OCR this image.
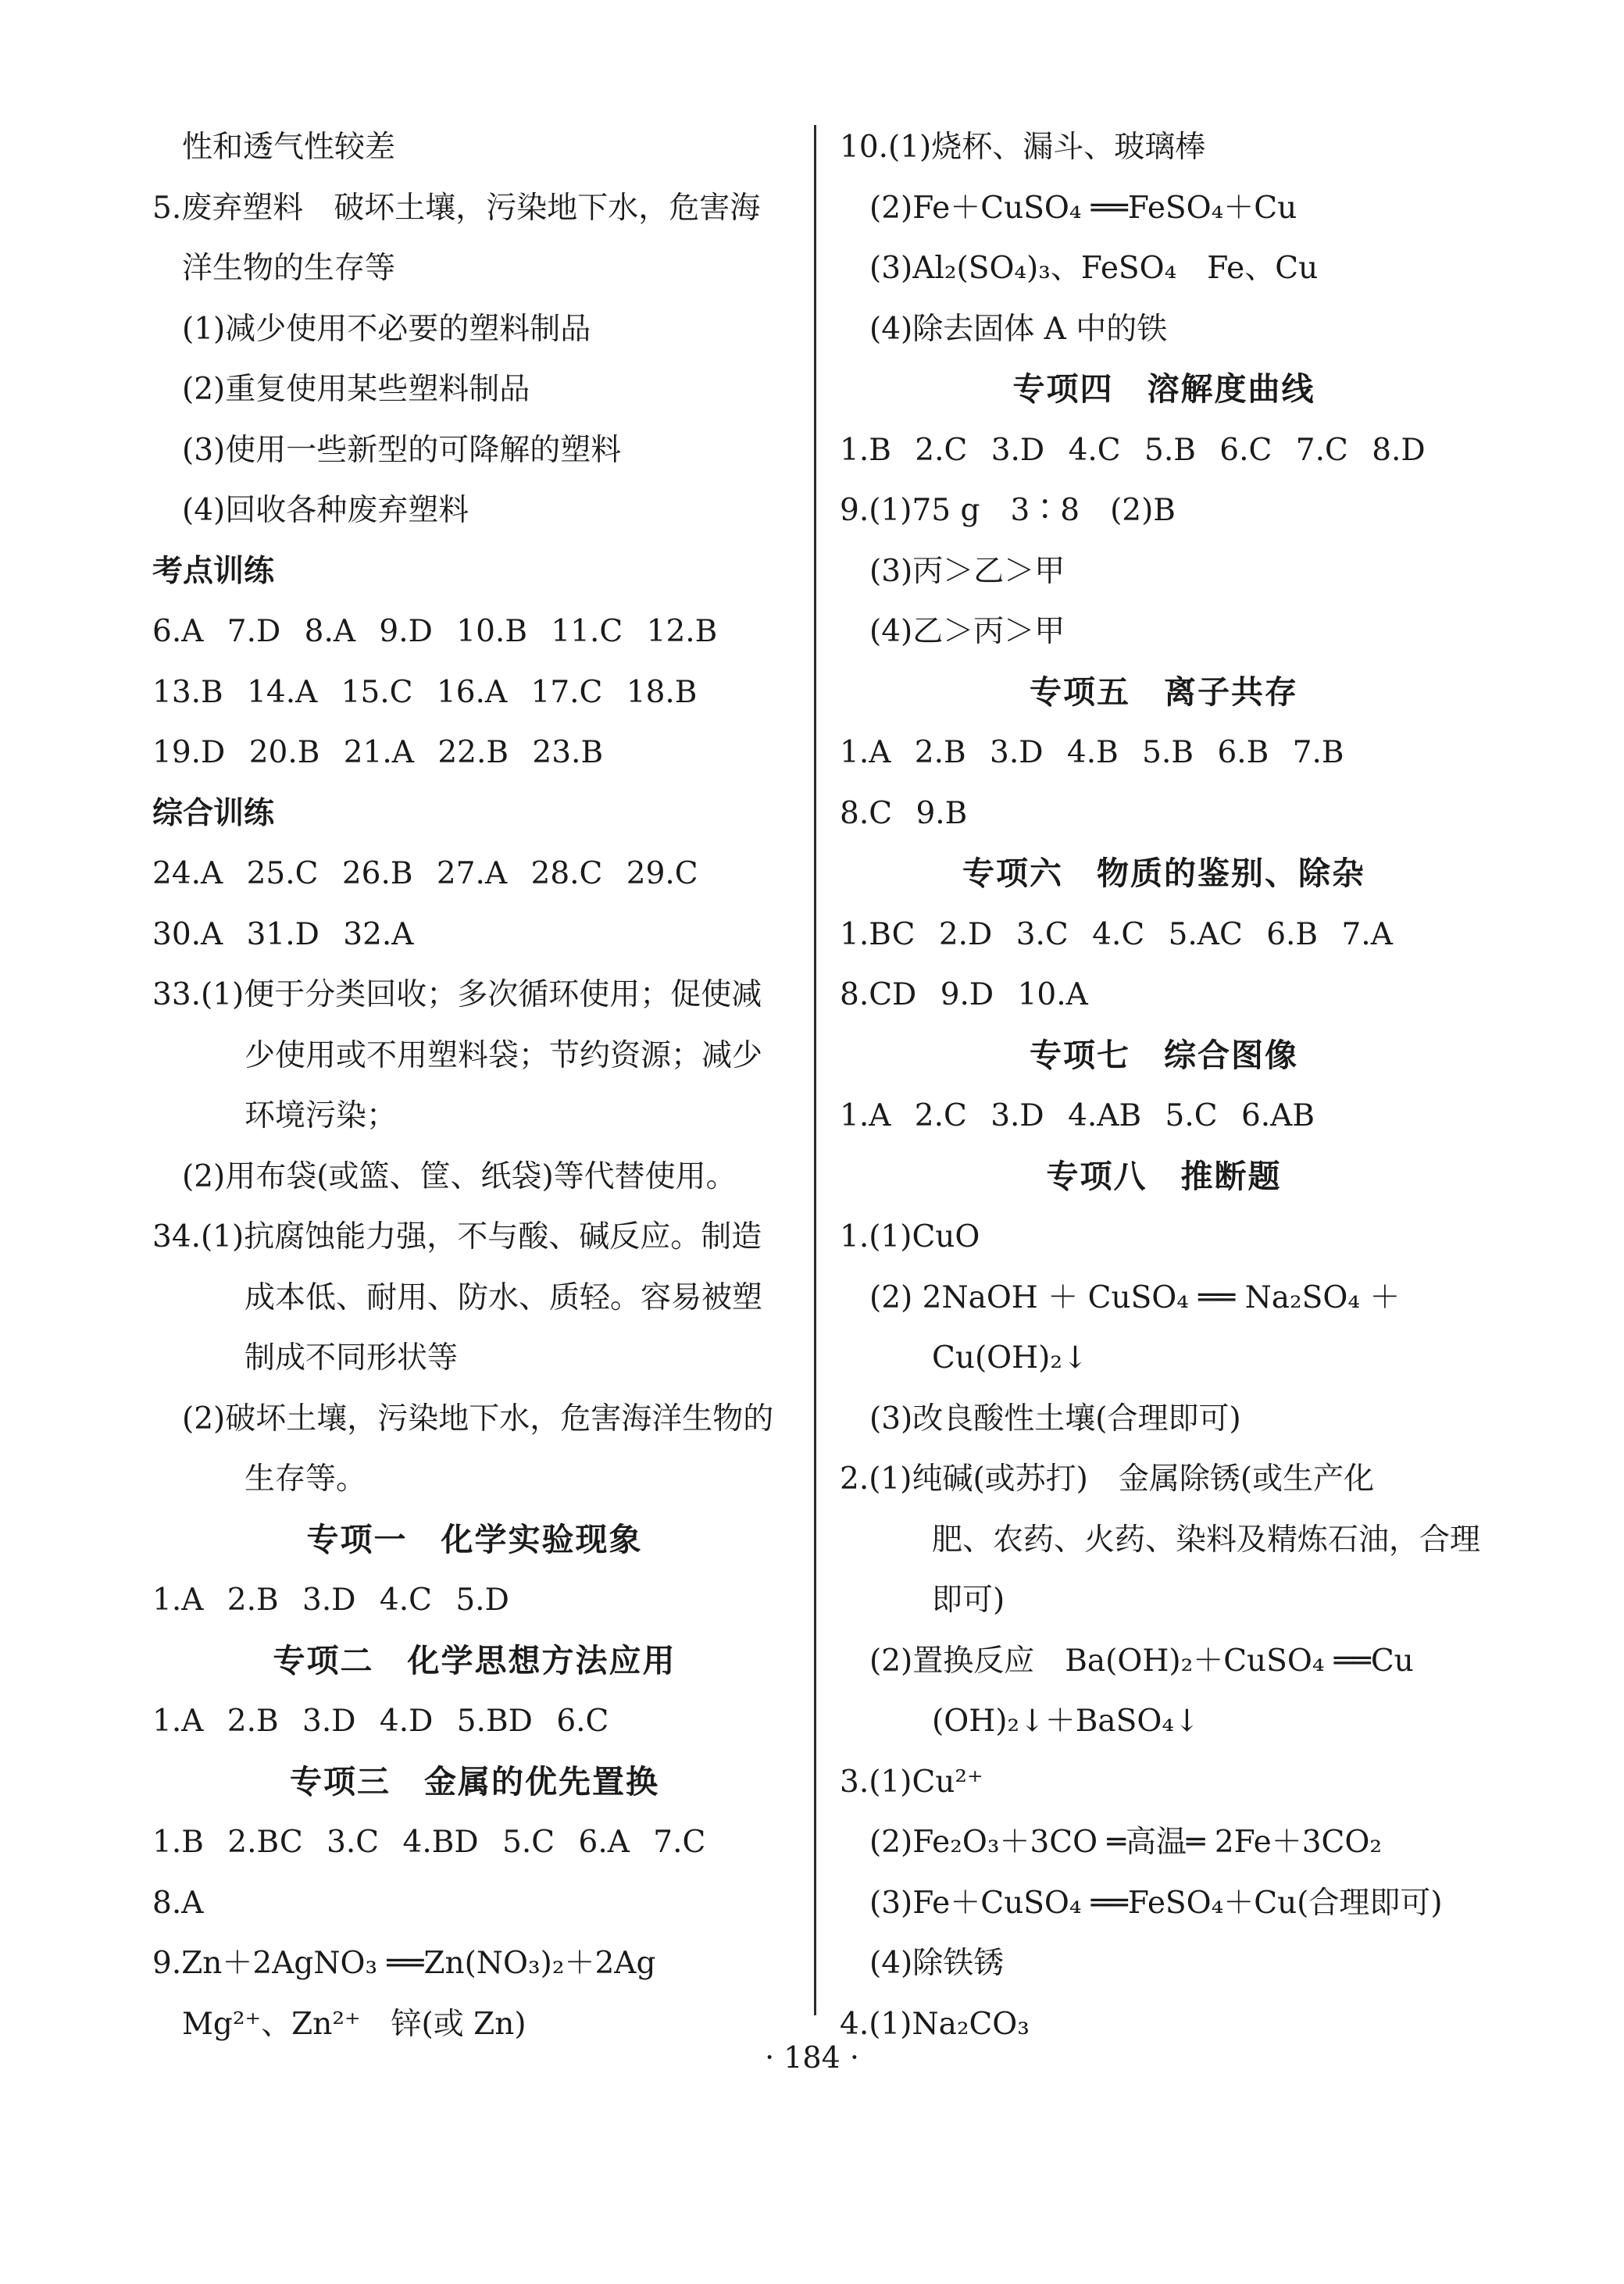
性和透气性较差
5.废弃塑料　破坏土壤，污染地下水，危害海
洋生物的生存等
(1)减少使用不必要的塑料制品
(2)重复使用某些塑料制品
(3)使用一些新型的可降解的塑料
(4)回收各种废弃塑料
考点训练
6.A 7.D 8.A 9.D 10.B 11.C 12.B
13.B 14.A 15.C 16.A 17.C 18.B
19.D 20.B 21.A 22.B 23.B
综合训练
24.A 25.C 26.B 27.A 28.C 29.C
30.A 31.D 32.A
33.(1)便于分类回收；多次循环使用；促使减
少使用或不用塑料袋；节约资源；减少
环境污染；
(2)用布袋(或篮、筐、纸袋)等代替使用。
34.(1)抗腐蚀能力强，不与酸、碱反应。制造
成本低、耐用、防水、质轻。容易被塑
制成不同形状等
(2)破坏土壤，污染地下水，危害海洋生物的
生存等。
专项一　化学实验现象
1.A 2.B 3.D 4.C 5.D
专项二　化学思想方法应用
1.A 2.B 3.D 4.D 5.BD 6.C
专项三　金属的优先置换
1.B 2.BC 3.C 4.BD 5.C 6.A 7.C
8.A
9.Zn＋2AgNO₃ ══Zn(NO₃)₂＋2Ag
Mg²⁺、Zn²⁺　锌(或 Zn)
10.(1)烧杯、漏斗、玻璃棒
(2)Fe＋CuSO₄ ══FeSO₄＋Cu
(3)Al₂(SO₄)₃、FeSO₄　Fe、Cu
(4)除去固体 A 中的铁
专项四　溶解度曲线
1.B 2.C 3.D 4.C 5.B 6.C 7.C 8.D
9.(1)75 g　3∶8　(2)B
(3)丙＞乙＞甲
(4)乙＞丙＞甲
专项五　离子共存
1.A 2.B 3.D 4.B 5.B 6.B 7.B
8.C 9.B
专项六　物质的鉴别、除杂
1.BC 2.D 3.C 4.C 5.AC 6.B 7.A
8.CD 9.D 10.A
专项七　综合图像
1.A 2.C 3.D 4.AB 5.C 6.AB
专项八　推断题
1.(1)CuO
(2) 2NaOH ＋ CuSO₄ ══ Na₂SO₄ ＋
Cu(OH)₂↓
(3)改良酸性土壤(合理即可)
2.(1)纯碱(或苏打)　金属除锈(或生产化
肥、农药、火药、染料及精炼石油，合理
即可)
(2)置换反应　Ba(OH)₂＋CuSO₄ ══Cu
(OH)₂↓＋BaSO₄↓
3.(1)Cu²⁺
(2)Fe₂O₃＋3CO ═高温═ 2Fe＋3CO₂
(3)Fe＋CuSO₄ ══FeSO₄＋Cu(合理即可)
(4)除铁锈
4.(1)Na₂CO₃
· 184 ·
